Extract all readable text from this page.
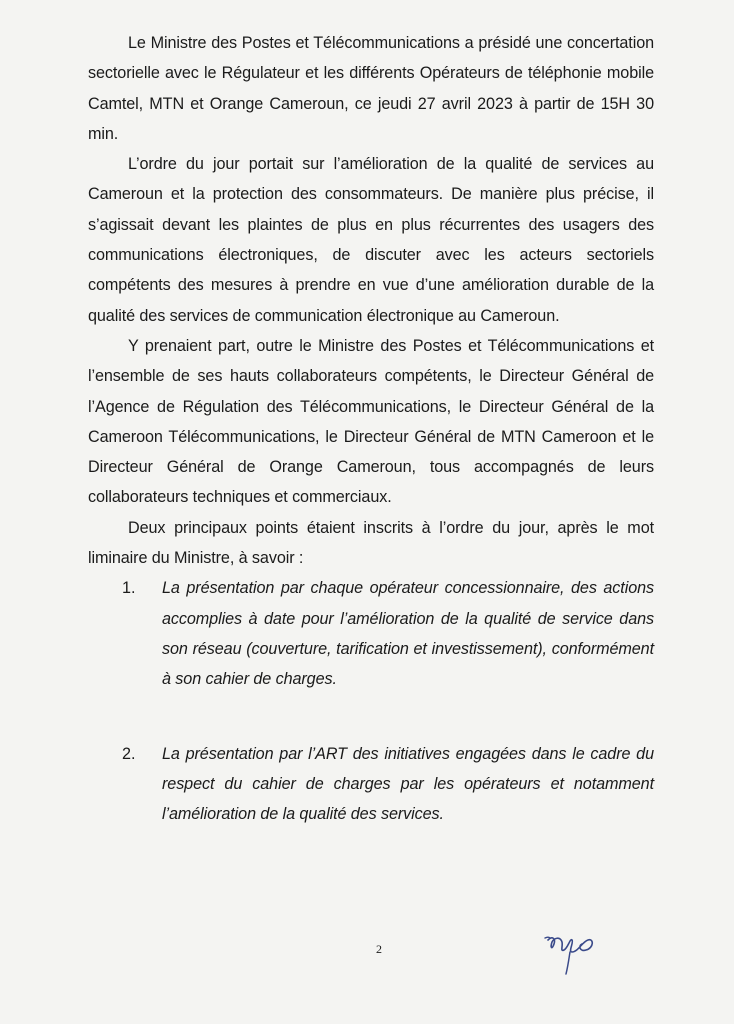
Le Ministre des Postes et Télécommunications a présidé une concertation sectorielle avec le Régulateur et les différents Opérateurs de téléphonie mobile Camtel, MTN et Orange Cameroun, ce jeudi 27 avril 2023 à partir de 15H 30 min.

L’ordre du jour portait sur l’amélioration de la qualité de services au Cameroun et la protection des consommateurs. De manière plus précise, il s’agissait devant les plaintes de plus en plus récurrentes des usagers des communications électroniques, de discuter avec les acteurs sectoriels compétents des mesures à prendre en vue d’une amélioration durable de la qualité des services de communication électronique au Cameroun.

Y prenaient part, outre le Ministre des Postes et Télécommunications et l’ensemble de ses hauts collaborateurs compétents, le Directeur Général de l’Agence de Régulation des Télécommunications, le Directeur Général de la Cameroon Télécommunications, le Directeur Général de MTN Cameroon et le Directeur Général de Orange Cameroun, tous accompagnés de leurs collaborateurs techniques et commerciaux.

Deux principaux points étaient inscrits à l’ordre du jour, après le mot liminaire du Ministre, à savoir :

1. La présentation par chaque opérateur concessionnaire, des actions accomplies à date pour l’amélioration de la qualité de service dans son réseau (couverture, tarification et investissement), conformément à son cahier de charges.
2. La présentation par l’ART des initiatives engagées dans le cadre du respect du cahier de charges par les opérateurs et notamment l’amélioration de la qualité des services.
2
